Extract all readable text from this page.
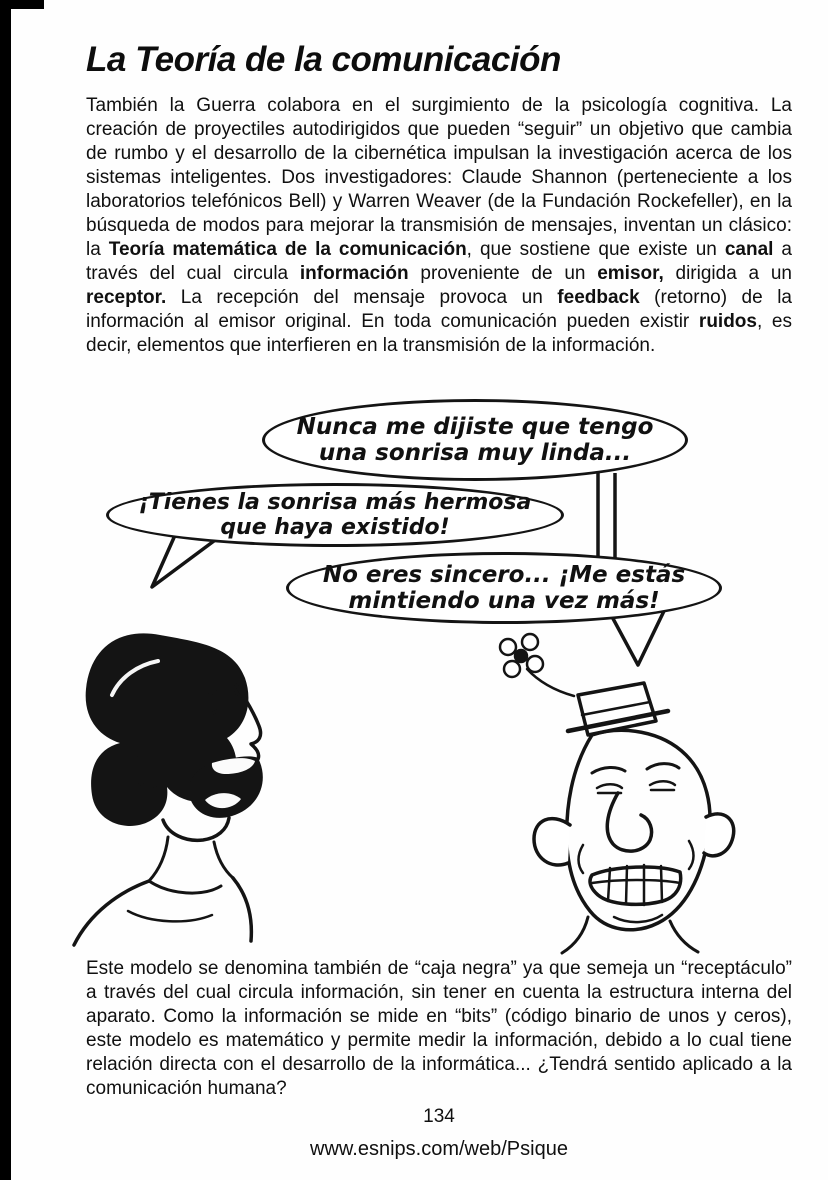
La Teoría de la comunicación

También la Guerra colabora en el surgimiento de la psicología cognitiva. La creación de proyectiles autodirigidos que pueden “seguir” un objetivo que cambia de rumbo y el desarrollo de la cibernética impulsan la investigación acerca de los sistemas inteligentes. Dos investigadores: Claude Shannon (perteneciente a los laboratorios telefónicos Bell) y Warren Weaver (de la Fundación Rockefeller), en la búsqueda de modos para mejorar la transmisión de mensajes, inventan un clásico: la Teoría matemática de la comunicación, que sostiene que existe un canal a través del cual circula información proveniente de un emisor, dirigida a un receptor. La recepción del mensaje provoca un feedback (retorno) de la información al emisor original. En toda comunicación pueden existir ruidos, es decir, elementos que interfieren en la transmisión de la información.

Nunca me dijiste que tengo
una sonrisa muy linda...
¡Tienes la sonrisa más hermosa
que haya existido!
No eres sincero... ¡Me estás
mintiendo una vez más!

Este modelo se denomina también de “caja negra” ya que semeja un “receptáculo” a través del cual circula información, sin tener en cuenta la estructura interna del aparato. Como la información se mide en “bits” (código binario de unos y ceros), este modelo es matemático y permite medir la información, debido a lo cual tiene relación directa con el desarrollo de la informática... ¿Tendrá sentido aplicado a la comunicación humana?

134
www.esnips.com/web/Psique
